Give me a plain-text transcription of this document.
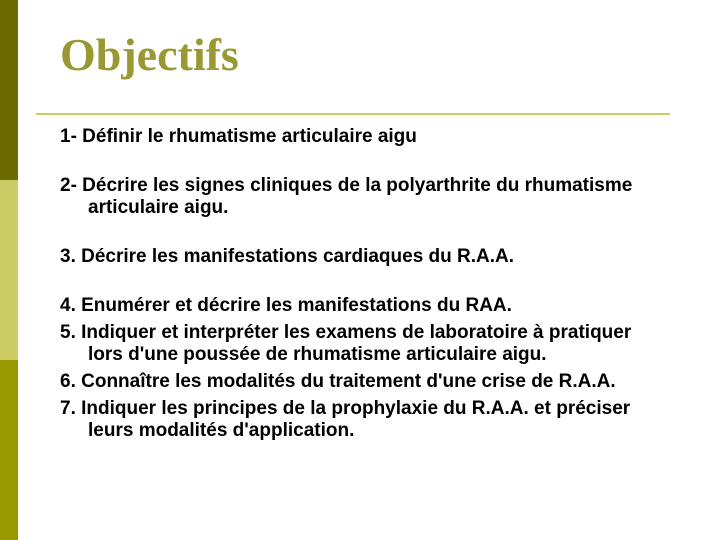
Objectifs
1- Définir le rhumatisme articulaire aigu
2- Décrire les signes cliniques de la polyarthrite du rhumatisme articulaire aigu.
3. Décrire les manifestations cardiaques du R.A.A.
4. Enumérer et décrire les manifestations du RAA.
5. Indiquer et interpréter les examens de laboratoire à pratiquer lors d'une poussée de rhumatisme articulaire aigu.
6. Connaître les modalités du traitement d'une crise de R.A.A.
7. Indiquer les principes de la prophylaxie du R.A.A. et préciser leurs modalités d'application.
